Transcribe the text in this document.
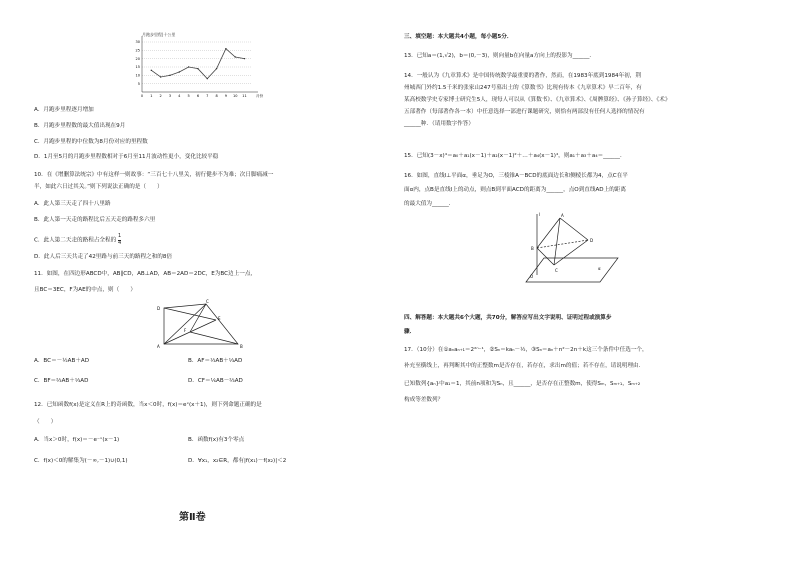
月跑步里程|十公里
30
25
20
15
10
5
0 1 2 3 4 5 6 7 8 9 10 11	月份
A．月跑步里程逐月增加
B．月跑步里程数的最大值出现在9月
C．月跑步里程的中位数为8月份对应的里程数
D．1月至5月的月跑步里程数相对于6月至11月波动性更小，变化比较平稳
10．在《增删算法统宗》中有这样一则故事：“三百七十八里关，初行健步不为难；次日脚痛减一
半，如此六日过其关。”则下列说法正确的是（　　）
A．此人第三天走了四十八里路
B．此人第一天走的路程比后五天走的路程多六里
C．此人第二天走的路程占全程的 $\frac{1}{4}$
D．此人后三天共走了42里路与前三天的路程之和的8倍
11．如图，在四边形ABCD中，AB∥CD，AB⊥AD，AB＝2AD＝2DC，E为BC边上一点，
且BC＝3EC，F为AE的中点，则（　　）
D
C
E
F
A	B
A．BC＝－½AB＋AD	B．AF＝⅓AB＋⅓AD
C．BF＝⅔AB＋⅓AD	D．CF＝⅙AB－⅔AD
12．已知函数f(x)是定义在R上的奇函数，当x＜0时，f(x)＝eˣ(x＋1)，则下列命题正确的是
（　　）
A．当x＞0时，f(x)＝－e⁻ˣ(x－1)	B．函数f(x)有3个零点
C．f(x)＜0的解集为(－∞,－1)∪(0,1)	D．∀x₁，x₂∈R，都有|f(x₁)－f(x₂)|＜2
第Ⅱ卷
三、填空题：本大题共4小题，每小题5分．
13．已知a＝(1,√2)，b＝(0,－3)，则向量b在向量a方向上的投影为______．
14．一般认为《九章算术》是中国传统数学最重要的著作，然而，在1983年底到1984年初，荆
州城西门外约1.5千米的张家山247号墓出土的《算数书》比现有传本《九章算术》早二百年，有
某高校数学史专家博士研究生5人，现每人可以从《算数书》、《九章算术》、《周髀算经》、《孙子算经》、《术》
五部著作（每部著作各一本）中任意选择一部进行课题研究，则恰有两部没有任何人选择的情况有
______种．（请用数字作答）
15．已知(3－x)⁴＝a₀＋a₁(x－1)＋a₂(x－1)²＋…＋a₄(x－1)⁴，则a₁＋a₃＋a₄＝______．
16．如图，直线l⊥平面α，垂足为O，三棱锥A－BCD的底面边长和侧棱长都为4，点C在平
面α内，点B是直线l上的动点，则点B到平面ACD的距离为______，点O到直线AD上的距离
的最大值为______．
l	A
B
D
C
O
α
四、解答题：本大题共6个大题，共70分，解答应写出文字说明、证明过程或演算步
骤．
17．（10分）在①aₙaₙ₊₁＝2²ⁿ⁻¹，②Sₙ＝kaₙ－½，③Sₙ＝aₙ＋n²－2n＋k这三个条件中任选一个，
补充至横线上，再判断其中的正整数m是否存在，若存在，求出m的值；若不存在，请说明理由．
已知数列{aₙ}中a₁＝1，其前n项和为Sₙ，且______，是否存在正整数m，使得Sₘ，Sₘ₊₁，Sₘ₊₂
构成等差数列？
